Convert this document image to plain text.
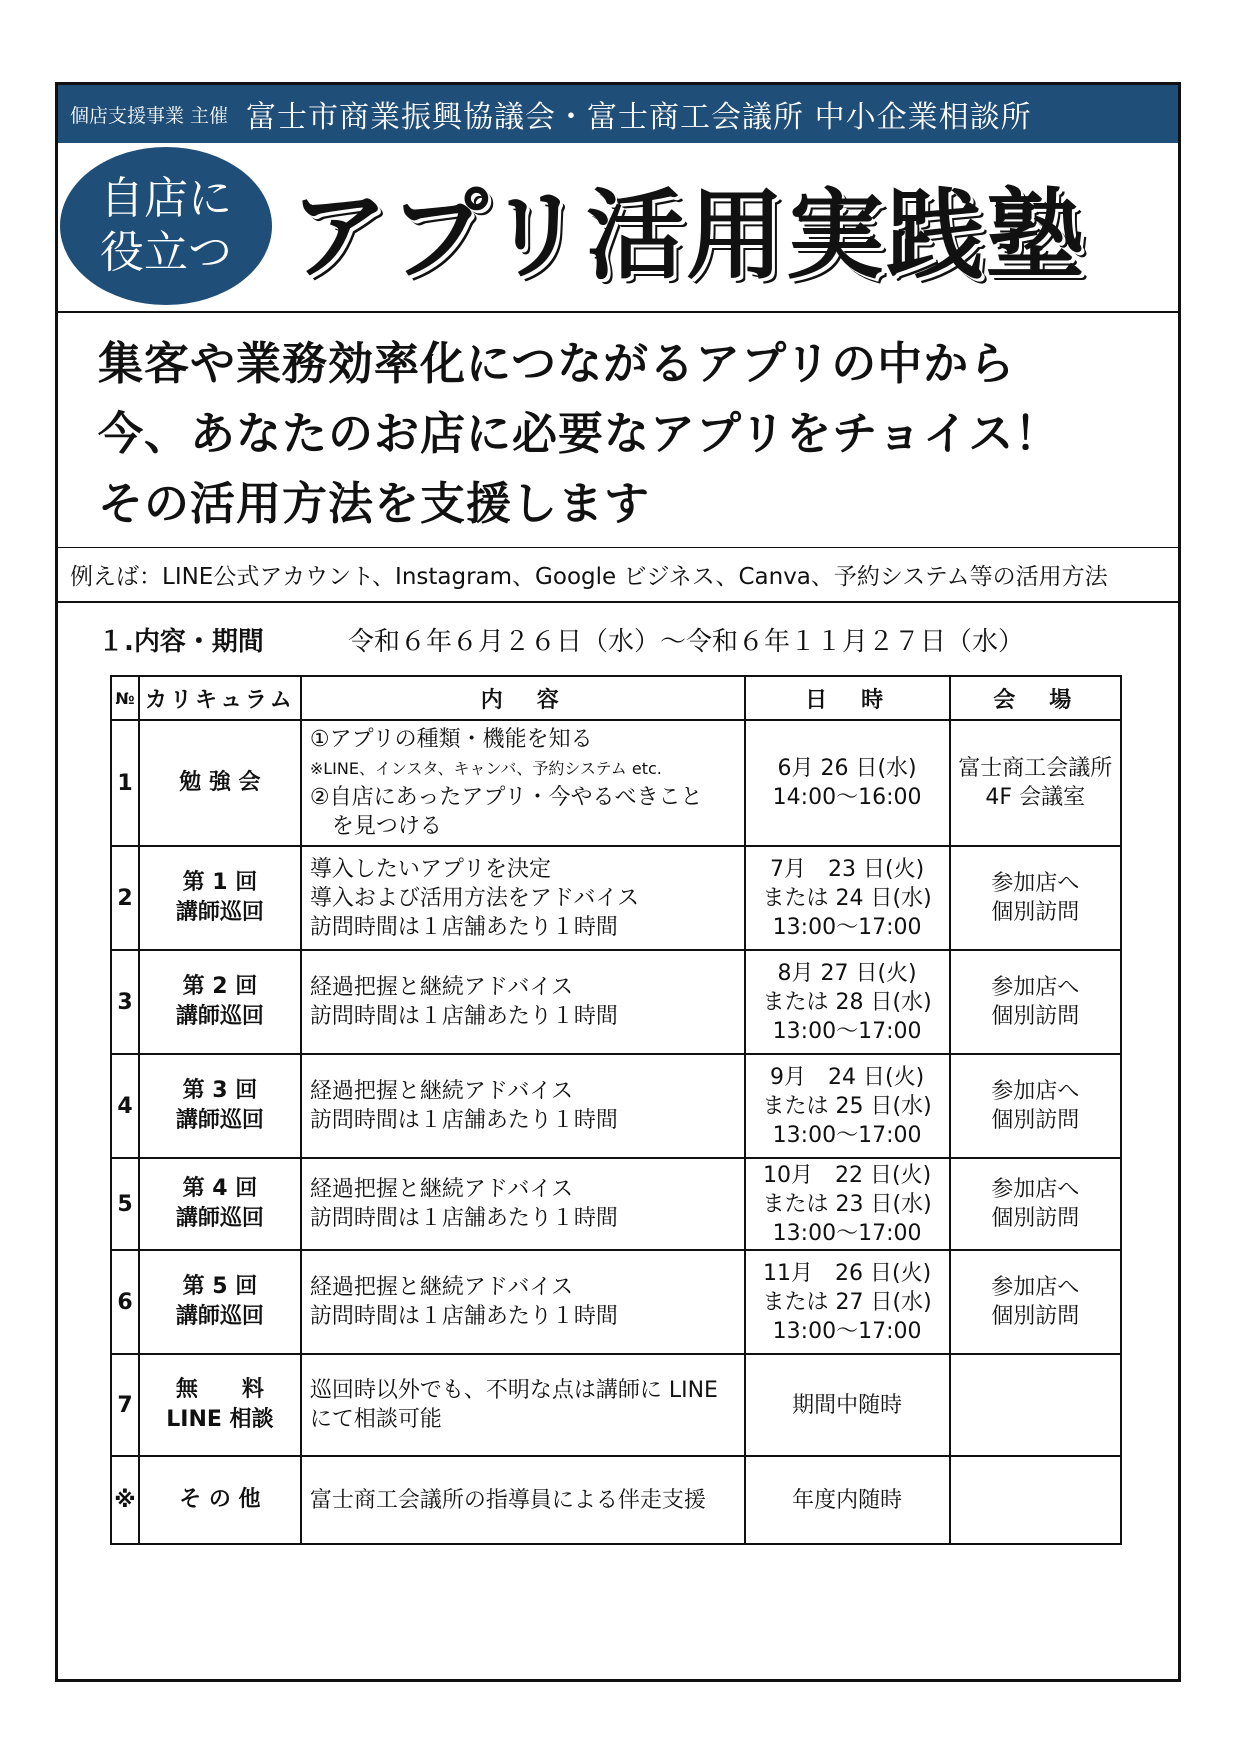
個店支援事業 主催 富士市商業振興協議会・富士商工会議所 中小企業相談所
自店に
役立つ アプリ活用実践塾
集客や業務効率化につながるアプリの中から
今、あなたのお店に必要なアプリをチョイス！
その活用方法を支援します
例えば：LINE公式アカウント、Instagram、Google ビジネス、Canva、予約システム等の活用方法
１.内容・期間	令和６年６月２６日（水）～令和６年１１月２７日（水）
№	カリキュラム	内　容	日　時	会　場
1	勉 強 会	①アプリの種類・機能を知る
※LINE、インスタ、キャンバ、予約システム etc.
②自店にあったアプリ・今やるべきこと
を見つける	6月 26 日(水)
14:00～16:00	富士商工会議所
4F 会議室

2	第 1 回
講師巡回	導入したいアプリを決定
導入および活用方法をアドバイス
訪問時間は１店舗あたり１時間	7月　23 日(火)
または 24 日(水)
13:00～17:00	参加店へ
個別訪問

3	第 2 回
講師巡回	経過把握と継続アドバイス
訪問時間は１店舗あたり１時間	8月 27 日(火)
または 28 日(水)
13:00～17:00	参加店へ
個別訪問

4	第 3 回
講師巡回	経過把握と継続アドバイス
訪問時間は１店舗あたり１時間	9月　24 日(火)
または 25 日(水)
13:00～17:00	参加店へ
個別訪問

5	第 4 回
講師巡回	経過把握と継続アドバイス
訪問時間は１店舗あたり１時間	10月　22 日(火)
または 23 日(水)
13:00～17:00	参加店へ
個別訪問

6	第 5 回
講師巡回	経過把握と継続アドバイス
訪問時間は１店舗あたり１時間	11月　26 日(火)
または 27 日(水)
13:00～17:00	参加店へ
個別訪問

7	無　　料
LINE 相談	巡回時以外でも、不明な点は講師に LINE
にて相談可能	期間中随時	
※	そ の 他	富士商工会議所の指導員による伴走支援	年度内随時	
